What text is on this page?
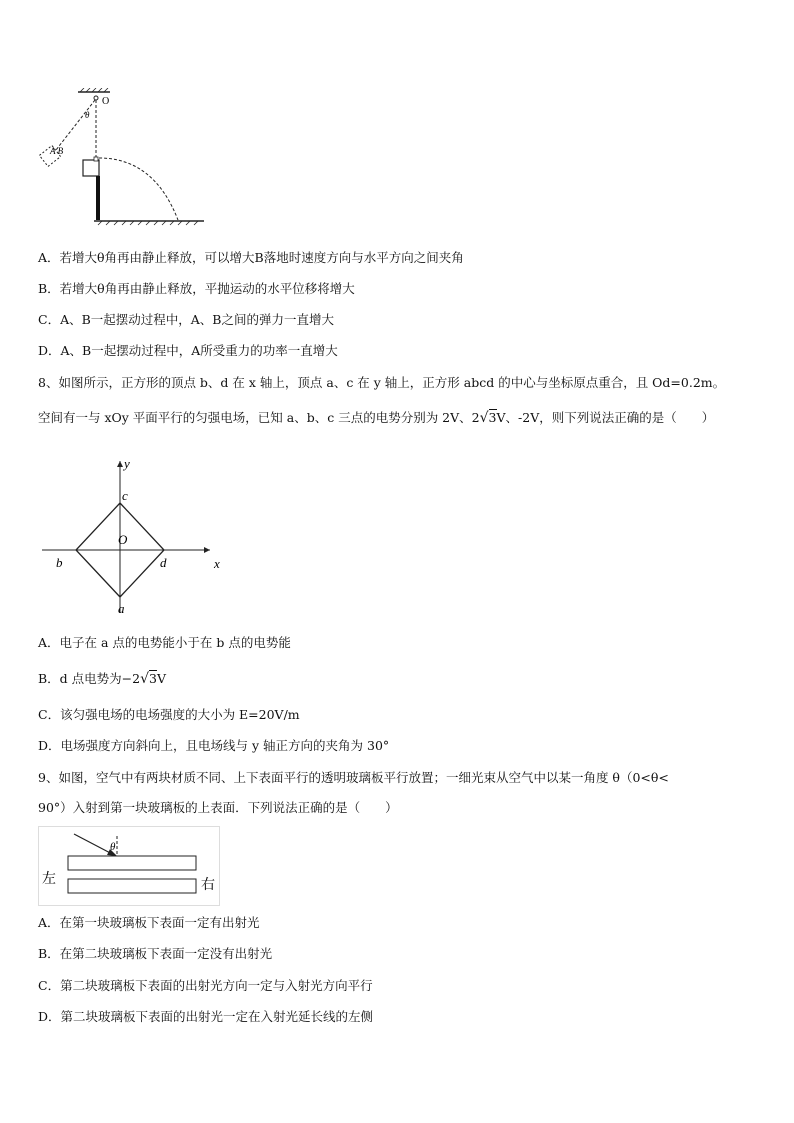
O
θ
A B
A．若增大θ角再由静止释放，可以增大B落地时速度方向与水平方向之间夹角
B．若增大θ角再由静止释放，平抛运动的水平位移将增大
C．A、B一起摆动过程中，A、B之间的弹力一直增大
D．A、B一起摆动过程中，A所受重力的功率一直增大
8、如图所示，正方形的顶点 b、d 在 x 轴上，顶点 a、c 在 y 轴上，正方形 abcd 的中心与坐标原点重合，且 Od=0.2m。
空间有一与 xOy 平面平行的匀强电场，已知 a、b、c 三点的电势分别为 2V、2√3V、-2V，则下列说法正确的是（　　）
y
x
O
c
b	d
a
A．电子在 a 点的电势能小于在 b 点的电势能
B．d 点电势为−2√3V
C．该匀强电场的电场强度的大小为 E=20V/m
D．电场强度方向斜向上，且电场线与 y 轴正方向的夹角为 30°
9、如图，空气中有两块材质不同、上下表面平行的透明玻璃板平行放置；一细光束从空气中以某一角度 θ（0<θ<
90°）入射到第一块玻璃板的上表面．下列说法正确的是（　　）
θ
左	右
A．在第一块玻璃板下表面一定有出射光
B．在第二块玻璃板下表面一定没有出射光
C．第二块玻璃板下表面的出射光方向一定与入射光方向平行
D．第二块玻璃板下表面的出射光一定在入射光延长线的左侧
